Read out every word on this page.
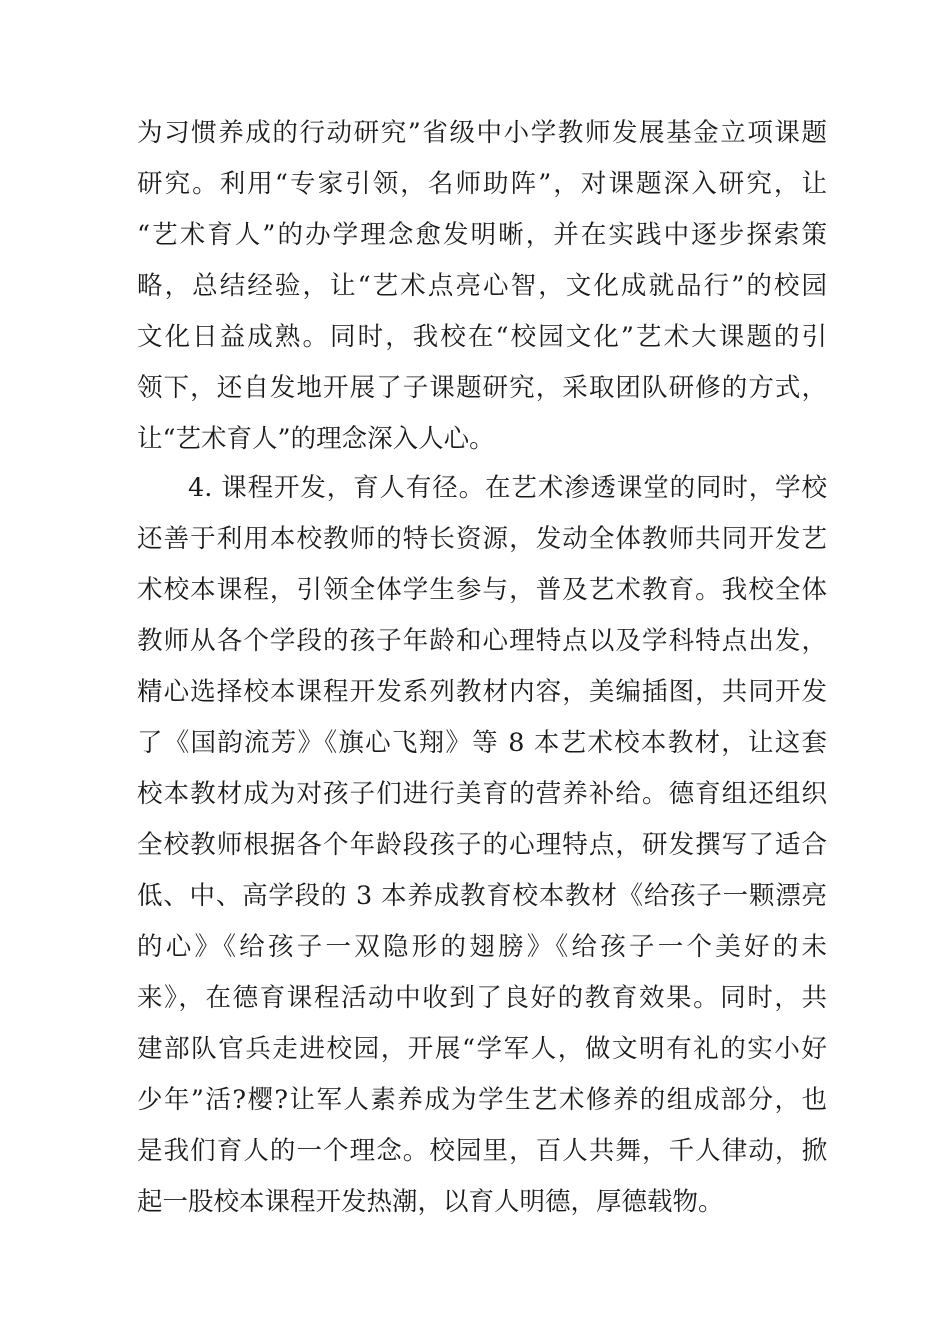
为习惯养成的行动研究”省级中小学教师发展基金立项课题
研究。利用“专家引领，名师助阵”，对课题深入研究，让
“艺术育人”的办学理念愈发明晰，并在实践中逐步探索策
略，总结经验，让“艺术点亮心智，文化成就品行”的校园
文化日益成熟。同时，我校在“校园文化”艺术大课题的引
领下，还自发地开展了子课题研究，采取团队研修的方式，
让“艺术育人”的理念深入人心。
4. 课程开发，育人有径。在艺术渗透课堂的同时，学校
还善于利用本校教师的特长资源，发动全体教师共同开发艺
术校本课程，引领全体学生参与，普及艺术教育。我校全体
教师从各个学段的孩子年龄和心理特点以及学科特点出发，
精心选择校本课程开发系列教材内容，美编插图，共同开发
了《国韵流芳》《旗心飞翔》等 8 本艺术校本教材，让这套
校本教材成为对孩子们进行美育的营养补给。德育组还组织
全校教师根据各个年龄段孩子的心理特点，研发撰写了适合
低、中、高学段的 3 本养成教育校本教材《给孩子一颗漂亮
的心》《给孩子一双隐形的翅膀》《给孩子一个美好的未
来》，在德育课程活动中收到了良好的教育效果。同时，共
建部队官兵走进校园，开展“学军人，做文明有礼的实小好
少年”活?樱?让军人素养成为学生艺术修养的组成部分，也
是我们育人的一个理念。校园里，百人共舞，千人律动，掀
起一股校本课程开发热潮，以育人明德，厚德载物。
